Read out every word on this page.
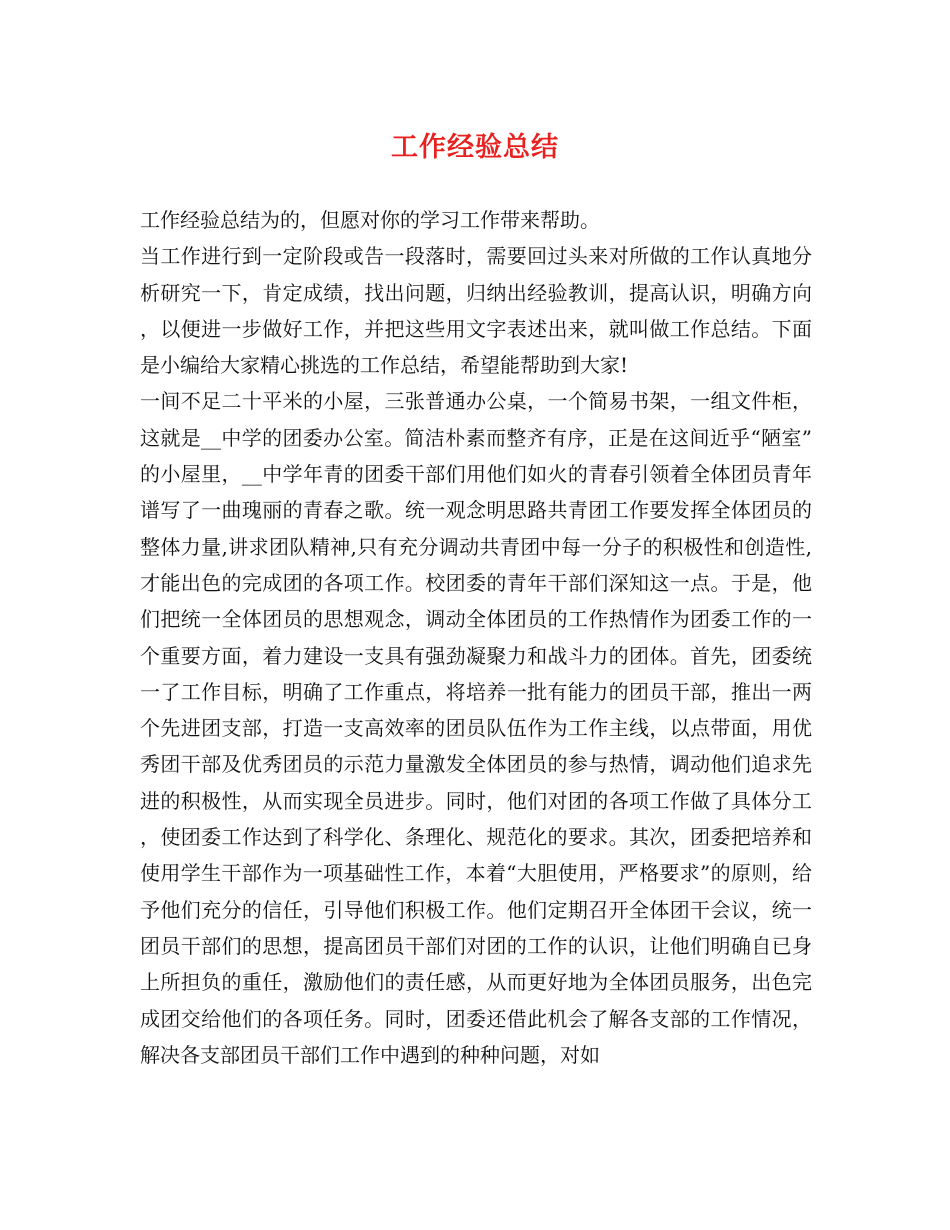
工作经验总结

工作经验总结为的，但愿对你的学习工作带来帮助。

当工作进行到一定阶段或告一段落时，需要回过头来对所做的工作认真地分析研究一下，肯定成绩，找出问题，归纳出经验教训，提高认识，明确方向，以便进一步做好工作，并把这些用文字表述出来，就叫做工作总结。下面是小编给大家精心挑选的工作总结，希望能帮助到大家!

一间不足二十平米的小屋，三张普通办公桌，一个简易书架，一组文件柜，这就是__中学的团委办公室。简洁朴素而整齐有序，正是在这间近乎“陋室”的小屋里，__中学年青的团委干部们用他们如火的青春引领着全体团员青年谱写了一曲瑰丽的青春之歌。统一观念明思路共青团工作要发挥全体团员的整体力量,讲求团队精神,只有充分调动共青团中每一分子的积极性和创造性,才能出色的完成团的各项工作。校团委的青年干部们深知这一点。于是，他们把统一全体团员的思想观念，调动全体团员的工作热情作为团委工作的一个重要方面，着力建设一支具有强劲凝聚力和战斗力的团体。首先，团委统一了工作目标，明确了工作重点，将培养一批有能力的团员干部，推出一两个先进团支部，打造一支高效率的团员队伍作为工作主线，以点带面，用优秀团干部及优秀团员的示范力量激发全体团员的参与热情，调动他们追求先进的积极性，从而实现全员进步。同时，他们对团的各项工作做了具体分工，使团委工作达到了科学化、条理化、规范化的要求。其次，团委把培养和使用学生干部作为一项基础性工作，本着“大胆使用，严格要求”的原则，给予他们充分的信任，引导他们积极工作。他们定期召开全体团干会议，统一团员干部们的思想，提高团员干部们对团的工作的认识，让他们明确自已身上所担负的重任，激励他们的责任感，从而更好地为全体团员服务，出色完成团交给他们的各项任务。同时，团委还借此机会了解各支部的工作情况，解决各支部团员干部们工作中遇到的种种问题，对如
